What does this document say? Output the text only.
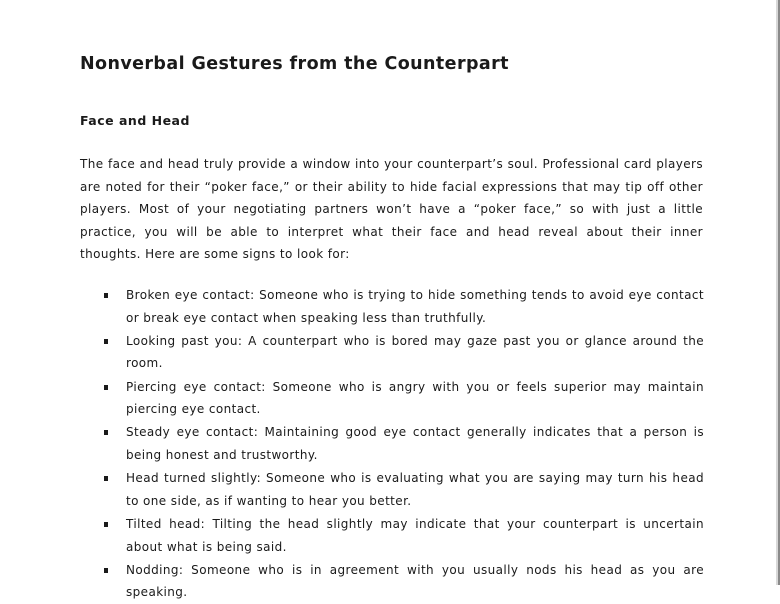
Nonverbal Gestures from the Counterpart
Face and Head

The face and head truly provide a window into your counterpart’s soul. Professional card players are noted for their “poker face,” or their ability to hide facial expressions that may tip off other players. Most of your negotiating partners won’t have a “poker face,” so with just a little practice, you will be able to interpret what their face and head reveal about their inner thoughts. Here are some signs to look for:

Broken eye contact: Someone who is trying to hide something tends to avoid eye contact or break eye contact when speaking less than truthfully.
Looking past you: A counterpart who is bored may gaze past you or glance around the room.
Piercing eye contact: Someone who is angry with you or feels superior may maintain piercing eye contact.
Steady eye contact: Maintaining good eye contact generally indicates that a person is being honest and trustworthy.
Head turned slightly: Someone who is evaluating what you are saying may turn his head to one side, as if wanting to hear you better.
Tilted head: Tilting the head slightly may indicate that your counterpart is uncertain about what is being said.
Nodding: Someone who is in agreement with you usually nods his head as you are speaking.
